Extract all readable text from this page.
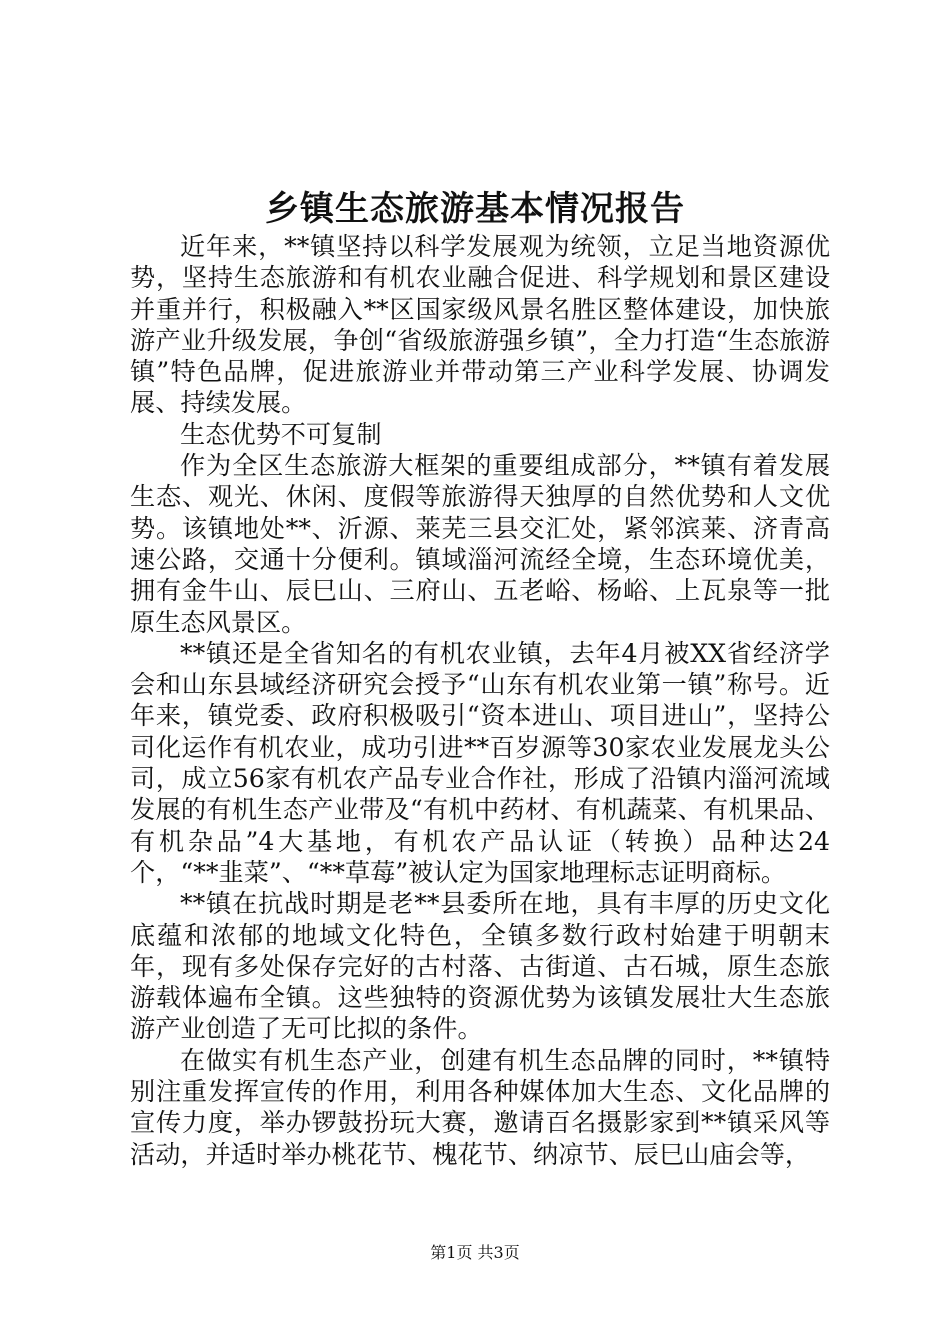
乡镇生态旅游基本情况报告

近年来，**镇坚持以科学发展观为统领，立足当地资源优势，坚持生态旅游和有机农业融合促进、科学规划和景区建设并重并行，积极融入**区国家级风景名胜区整体建设，加快旅游产业升级发展，争创“省级旅游强乡镇”，全力打造“生态旅游镇”特色品牌，促进旅游业并带动第三产业科学发展、协调发展、持续发展。

生态优势不可复制

作为全区生态旅游大框架的重要组成部分，**镇有着发展生态、观光、休闲、度假等旅游得天独厚的自然优势和人文优势。该镇地处**、沂源、莱芜三县交汇处，紧邻滨莱、济青高速公路，交通十分便利。镇域淄河流经全境，生态环境优美，拥有金牛山、辰巳山、三府山、五老峪、杨峪、上瓦泉等一批原生态风景区。

**镇还是全省知名的有机农业镇，去年4月被XX省经济学会和山东县域经济研究会授予“山东有机农业第一镇”称号。近年来，镇党委、政府积极吸引“资本进山、项目进山”，坚持公司化运作有机农业，成功引进**百岁源等30家农业发展龙头公司，成立56家有机农产品专业合作社，形成了沿镇内淄河流域发展的有机生态产业带及“有机中药材、有机蔬菜、有机果品、有机杂品”4大基地，有机农产品认证（转换）品种达24个，“**韭菜”、“**草莓”被认定为国家地理标志证明商标。

**镇在抗战时期是老**县委所在地，具有丰厚的历史文化底蕴和浓郁的地域文化特色，全镇多数行政村始建于明朝末年，现有多处保存完好的古村落、古街道、古石城，原生态旅游载体遍布全镇。这些独特的资源优势为该镇发展壮大生态旅游产业创造了无可比拟的条件。

在做实有机生态产业，创建有机生态品牌的同时，**镇特别注重发挥宣传的作用，利用各种媒体加大生态、文化品牌的宣传力度，举办锣鼓扮玩大赛，邀请百名摄影家到**镇采风等活动，并适时举办桃花节、槐花节、纳凉节、辰巳山庙会等，

第1页 共3页
